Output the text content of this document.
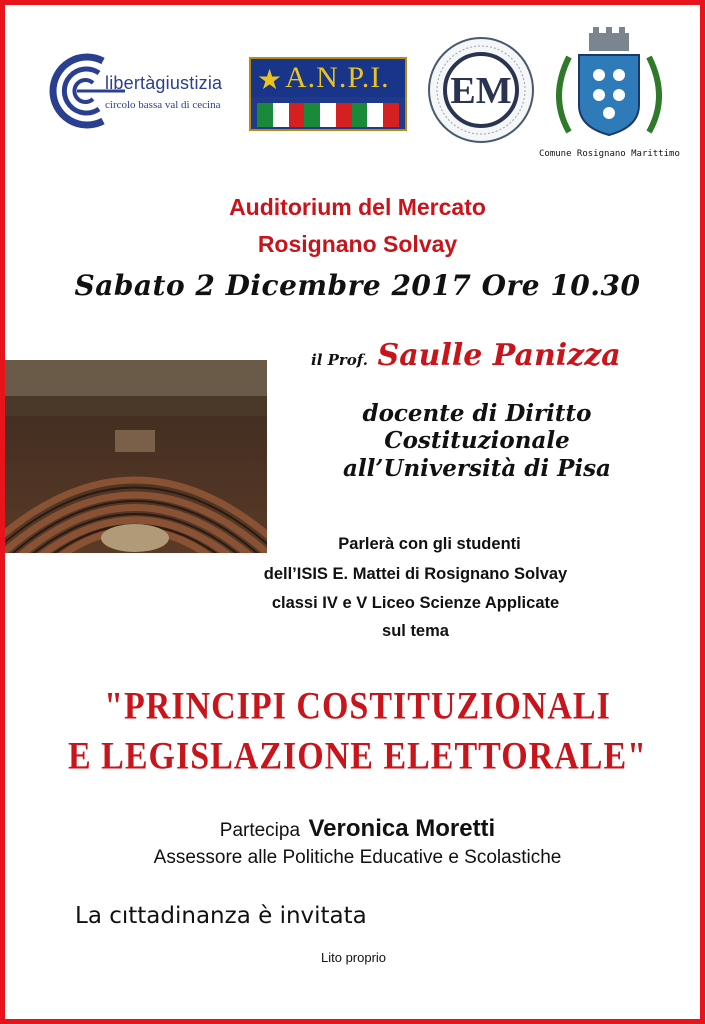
libertàgiustizia
circolo bassa val di cecina
★ A.N.P.I. EM
Comune Rosignano Marittimo
Auditorium del Mercato
Rosignano Solvay
Sabato 2 Dicembre 2017 Ore 10.30
il Prof. Saulle Panizza
docente di Diritto Costituzionale
all’Università di Pisa
Parlerà con gli studenti
dell’ISIS E. Mattei di Rosignano Solvay
classi IV e V Liceo Scienze Applicate
sul tema
"PRINCIPI COSTITUZIONALI
E LEGISLAZIONE ELETTORALE"
Partecipa Veronica Moretti
Assessore alle Politiche Educative e Scolastiche
La cıttadinanza è invitata
Lito proprio
